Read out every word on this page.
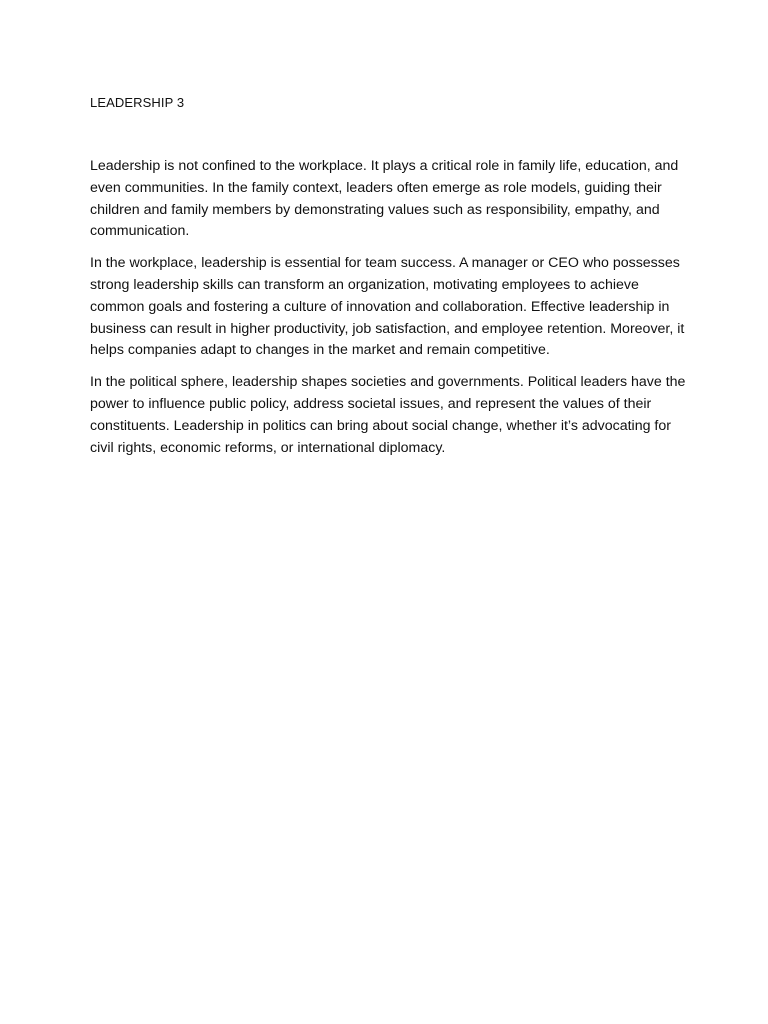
LEADERSHIP 3

Leadership is not confined to the workplace. It plays a critical role in family life, education, and
even communities. In the family context, leaders often emerge as role models, guiding their
children and family members by demonstrating values such as responsibility, empathy, and
communication.

In the workplace, leadership is essential for team success. A manager or CEO who possesses
strong leadership skills can transform an organization, motivating employees to achieve
common goals and fostering a culture of innovation and collaboration. Effective leadership in
business can result in higher productivity, job satisfaction, and employee retention. Moreover, it
helps companies adapt to changes in the market and remain competitive.

In the political sphere, leadership shapes societies and governments. Political leaders have the
power to influence public policy, address societal issues, and represent the values of their
constituents. Leadership in politics can bring about social change, whether it’s advocating for
civil rights, economic reforms, or international diplomacy.
